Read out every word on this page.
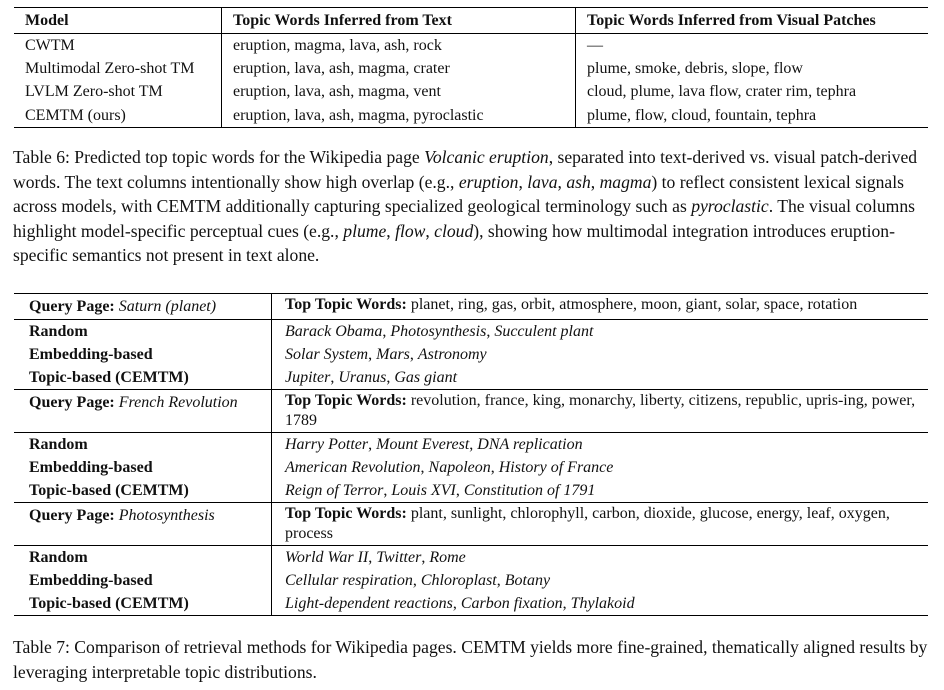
Model	Topic Words Inferred from Text	Topic Words Inferred from Visual Patches
CWTM	eruption, magma, lava, ash, rock	—
Multimodal Zero-shot TM	eruption, lava, ash, magma, crater	plume, smoke, debris, slope, flow
LVLM Zero-shot TM	eruption, lava, ash, magma, vent	cloud, plume, lava flow, crater rim, tephra
CEMTM (ours)	eruption, lava, ash, magma, pyroclastic	plume, flow, cloud, fountain, tephra

Table 6: Predicted top topic words for the Wikipedia page Volcanic eruption, separated into text-derived vs. visual patch-derived words. The text columns intentionally show high overlap (e.g., eruption, lava, ash, magma) to reflect consistent lexical signals across models, with CEMTM additionally capturing specialized geological terminology such as pyroclastic. The visual columns highlight model-specific perceptual cues (e.g., plume, flow, cloud), showing how multimodal integration introduces eruption-specific semantics not present in text alone.

Query Page: Saturn (planet)	Top Topic Words: planet, ring, gas, orbit, atmosphere, moon, giant, solar, space, rotation
Random	Barack Obama, Photosynthesis, Succulent plant
Embedding-based	Solar System, Mars, Astronomy
Topic-based (CEMTM)	Jupiter, Uranus, Gas giant
Query Page: French Revolution	Top Topic Words: revolution, france, king, monarchy, liberty, citizens, republic, upris-ing, power, 1789
Random	Harry Potter, Mount Everest, DNA replication
Embedding-based	American Revolution, Napoleon, History of France
Topic-based (CEMTM)	Reign of Terror, Louis XVI, Constitution of 1791
Query Page: Photosynthesis	Top Topic Words: plant, sunlight, chlorophyll, carbon, dioxide, glucose, energy, leaf, oxygen, process
Random	World War II, Twitter, Rome
Embedding-based	Cellular respiration, Chloroplast, Botany
Topic-based (CEMTM)	Light-dependent reactions, Carbon fixation, Thylakoid

Table 7: Comparison of retrieval methods for Wikipedia pages. CEMTM yields more fine-grained, thematically aligned results by leveraging interpretable topic distributions.
